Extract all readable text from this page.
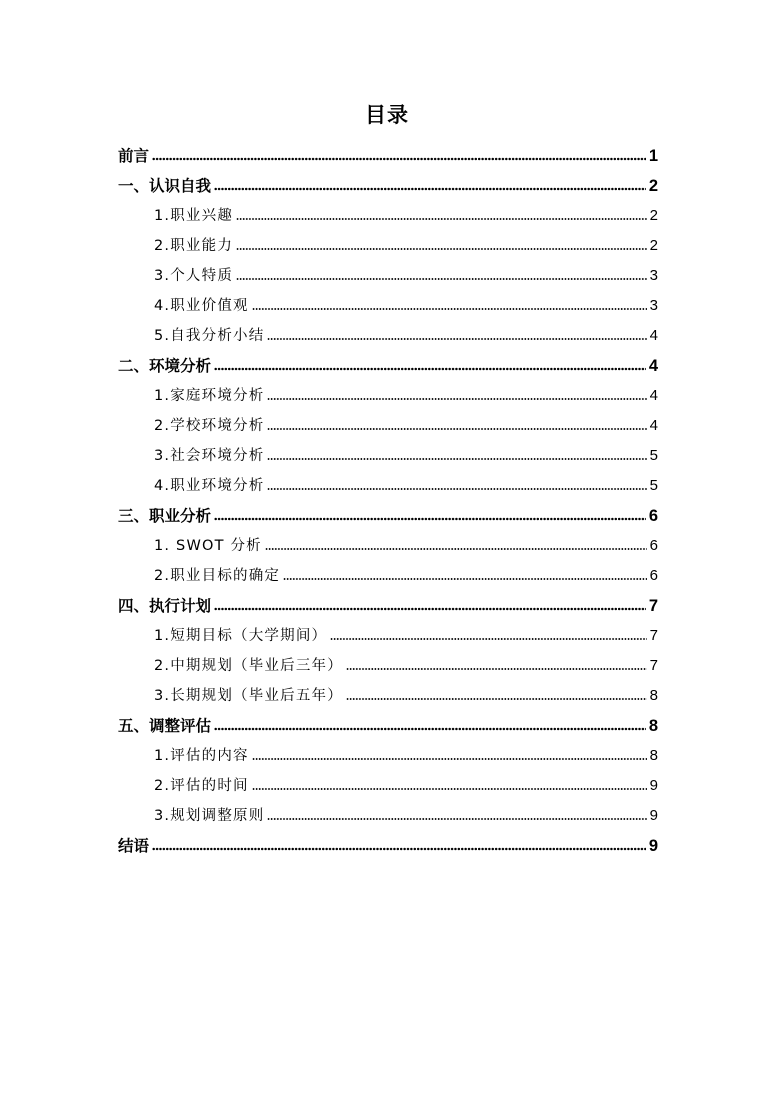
目录
前言	1
一、认识自我	2
1.职业兴趣	2
2.职业能力	2
3.个人特质	3
4.职业价值观	3
5.自我分析小结	4
二、环境分析	4
1.家庭环境分析	4
2.学校环境分析	4
3.社会环境分析	5
4.职业环境分析	5
三、职业分析	6
1. SWOT 分析	6
2.职业目标的确定	6
四、执行计划	7
1.短期目标（大学期间）	7
2.中期规划（毕业后三年）	7
3.长期规划（毕业后五年）	8
五、调整评估	8
1.评估的内容	8
2.评估的时间	9
3.规划调整原则	9
结语	9
